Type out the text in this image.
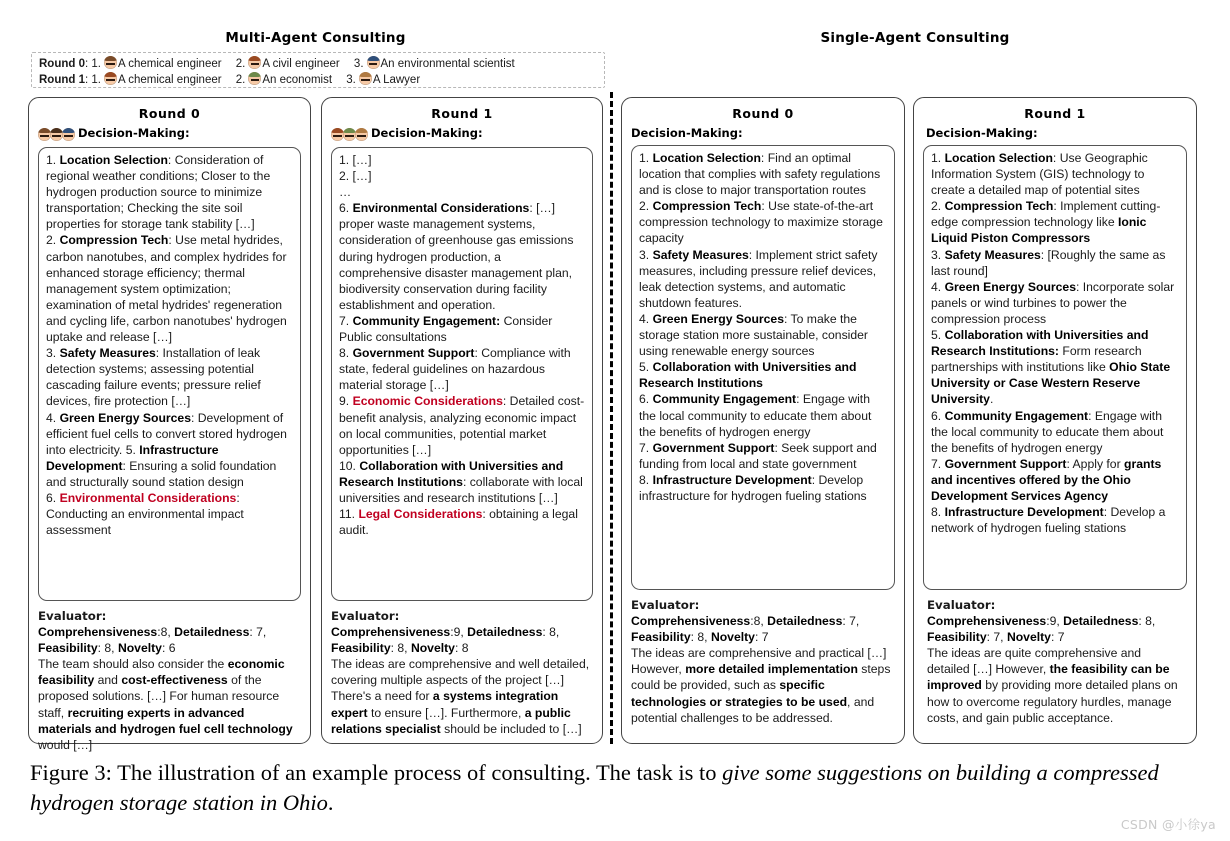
Multi-Agent Consulting	Single-Agent Consulting
Round 0: 1. A chemical engineer 2. A civil engineer 3. An environmental scientist
Round 1: 1. A chemical engineer 2. An economist 3. A Lawyer
Round 0
Decision-Making:
1. Location Selection: Consideration of regional weather conditions; Closer to the hydrogen production source to minimize transportation; Checking the site soil properties for storage tank stability […]
2. Compression Tech: Use metal hydrides, carbon nanotubes, and complex hydrides for enhanced storage efficiency; thermal management system optimization; examination of metal hydrides' regeneration and cycling life, carbon nanotubes' hydrogen uptake and release […]
3. Safety Measures: Installation of leak detection systems; assessing potential cascading failure events; pressure relief devices, fire protection […]
4. Green Energy Sources: Development of efficient fuel cells to convert stored hydrogen into electricity. 5. Infrastructure Development: Ensuring a solid foundation and structurally sound station design
6. Environmental Considerations: Conducting an environmental impact assessment
Evaluator:
Comprehensiveness:8, Detailedness: 7, Feasibility: 8, Novelty: 6
The team should also consider the economic feasibility and cost-effectiveness of the proposed solutions. […] For human resource staff, recruiting experts in advanced materials and hydrogen fuel cell technology would […]
Round 1
Decision-Making:
1. […]
2. […]
…
6. Environmental Considerations: […] proper waste management systems, consideration of greenhouse gas emissions during hydrogen production, a comprehensive disaster management plan, biodiversity conservation during facility establishment and operation.
7. Community Engagement: Consider Public consultations
8. Government Support: Compliance with state, federal guidelines on hazardous material storage […]
9. Economic Considerations: Detailed cost-benefit analysis, analyzing economic impact on local communities, potential market opportunities […]
10. Collaboration with Universities and Research Institutions: collaborate with local universities and research institutions […]
11. Legal Considerations: obtaining a legal audit.
Evaluator:
Comprehensiveness:9, Detailedness: 8, Feasibility: 8, Novelty: 8
The ideas are comprehensive and well detailed, covering multiple aspects of the project […] There's a need for a systems integration expert to ensure […]. Furthermore, a public relations specialist should be included to […]
Round 0
Decision-Making:
1. Location Selection: Find an optimal location that complies with safety regulations and is close to major transportation routes
2. Compression Tech: Use state-of-the-art compression technology to maximize storage capacity
3. Safety Measures: Implement strict safety measures, including pressure relief devices, leak detection systems, and automatic shutdown features.
4. Green Energy Sources: To make the storage station more sustainable, consider using renewable energy sources
5. Collaboration with Universities and Research Institutions
6. Community Engagement: Engage with the local community to educate them about the benefits of hydrogen energy
7. Government Support: Seek support and funding from local and state government
8. Infrastructure Development: Develop infrastructure for hydrogen fueling stations
Evaluator:
Comprehensiveness:8, Detailedness: 7, Feasibility: 8, Novelty: 7
The ideas are comprehensive and practical […] However, more detailed implementation steps could be provided, such as specific technologies or strategies to be used, and potential challenges to be addressed.
Round 1
Decision-Making:
1. Location Selection: Use Geographic Information System (GIS) technology to create a detailed map of potential sites
2. Compression Tech: Implement cutting-edge compression technology like Ionic Liquid Piston Compressors
3. Safety Measures: [Roughly the same as last round]
4. Green Energy Sources: Incorporate solar panels or wind turbines to power the compression process
5. Collaboration with Universities and Research Institutions: Form research partnerships with institutions like Ohio State University or Case Western Reserve University.
6. Community Engagement: Engage with the local community to educate them about the benefits of hydrogen energy
7. Government Support: Apply for grants and incentives offered by the Ohio Development Services Agency
8. Infrastructure Development: Develop a network of hydrogen fueling stations
Evaluator:
Comprehensiveness:9, Detailedness: 8, Feasibility: 7, Novelty: 7
The ideas are quite comprehensive and detailed […] However, the feasibility can be improved by providing more detailed plans on how to overcome regulatory hurdles, manage costs, and gain public acceptance.
Figure 3: The illustration of an example process of consulting. The task is to give some suggestions on building a compressed hydrogen storage station in Ohio.
CSDN @小徐ya
